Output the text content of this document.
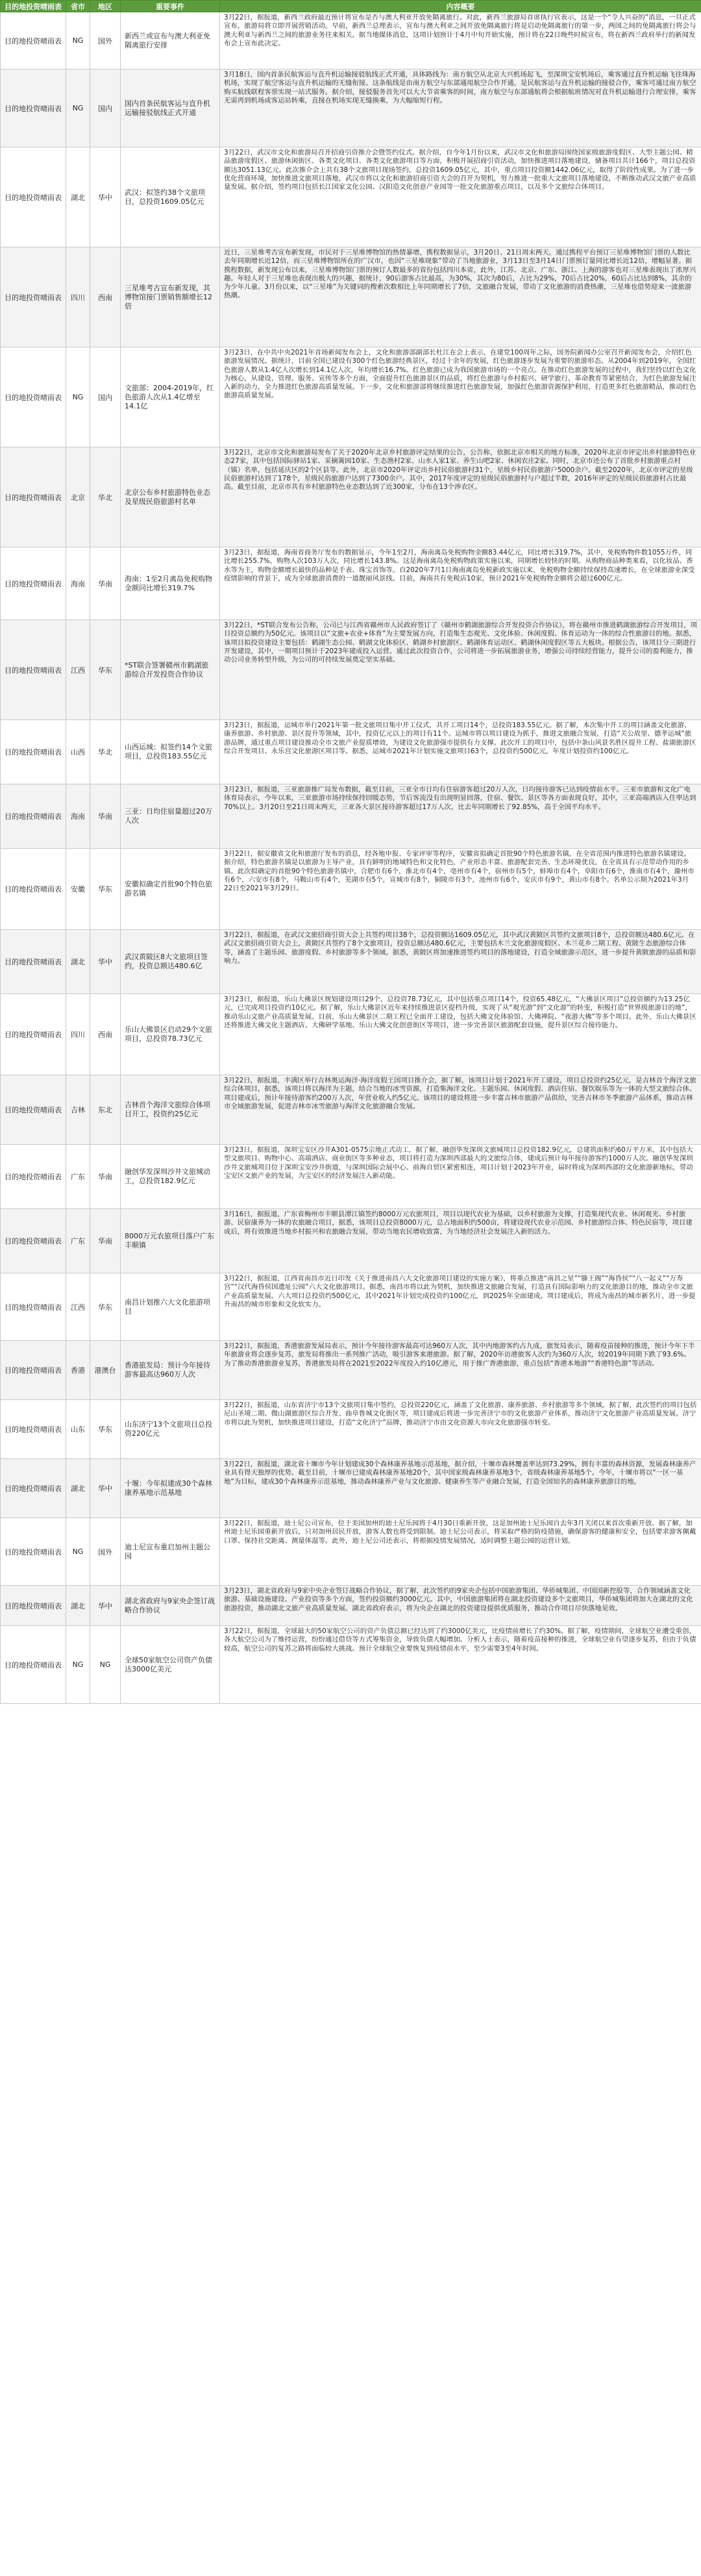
目的地投资晴雨表	省市	地区	重要事件	内容概要
目的地投资晴雨表	NG	国外	新西兰或宣布与澳大利亚免隔离旅行安排	3月22日，据报道，新西兰政府最近预计将宣布是否与澳大利亚开放免隔离旅行。对此，新西兰旅游局首席执行官表示，这是一个“令人兴奋的”消息，一旦正式宣布，旅游局将立即开展营销活动。早前，新西兰总理表示，宣布与澳大利亚之间开放免隔离旅行将是启动免隔离旅行的第一步，两国之间的免隔离旅行将会与澳大利亚与新西兰之间的旅游业务往来相关。据当地媒体消息，这项计划预计于4月中旬开始实施，预计将在22日晚些时候宣布，将在新西兰政府举行的新闻发布会上宣布此决定。
目的地投资晴雨表	NG	国内	国内首条民航客运与直升机运输接驳航线正式开通	3月18日，国内首条民航客运与直升机运输接驳航线正式开通，具体路线为：南方航空从北京大兴机场起飞，至深圳宝安机场后，乘客通过直升机运输飞往珠海机场，实现了航空客运与直升机运输的无缝衔接。这条航线是由南方航空与东部通用航空合作开通，是民航客运与直升机运输的接驳合作，乘客可通过南方航空购买航线联程客票实现一站式服务。据介绍，接驳服务首先可以大大节省乘客的时间，南方航空与东部通航将会根据航班情况对直升机运输进行合理安排，乘客无需再到机场或客运站转乘，直接在机场实现无缝换乘，为大幅缩短行程。
目的地投资晴雨表	湖北	华中	武汉：拟签约38个文旅项目，总投资1609.05亿元	3月22日，武汉市文化和旅游局召开招商引资推介会暨签约仪式。据介绍，自今年1月份以来，武汉市文化和旅游局围绕国家级旅游度假区、大型主题公园、精品旅游度假区、旅游休闲街区、各类文化项目、各类文化旅游项目等方面，积极开展招商引资活动，加快推进项目落地建设，储备项目共计166个，项目总投资额达3051.13亿元。此次推介会上共有38个文旅项目现场签约，总投资1609.05亿元，其中，重点项目投资额1442.06亿元，取得了阶段性成果。为了进一步优化营商环境，加快推进文旅项目落地，武汉市将以文化和旅游招商引资大会的召开为契机，努力推进一批重大文旅项目落地建设，不断推动武汉文旅产业高质量发展。据介绍，签约项目包括长江国家文化公园、汉阳造文化创意产业园等一批文化旅游重点项目，以及多个文旅综合体项目。
目的地投资晴雨表	四川	西南	三星堆考古宣布新发现，其博物馆接门票销售额增长12倍	近日，三星堆考古宣布新发现，市民对于三星堆博物馆的热情暴增，携程数据显示，3月20日、21日周末两天，通过携程平台预订三星堆博物馆门票的人数比去年同期增长近12倍，而三星堆博物馆所在的广汉市，也因“三星堆现象”带动了当地旅游业，3月13日至3月14日门票预订量同比增长近12倍，增幅显著。据携程数据，新发现公布以来，三星堆博物馆门票的预订人数最多的省份包括四川本省，此外，江苏、北京、广东、浙江、上海的游客也对三星堆表现出了浓厚兴趣。年轻人对于三星堆也表现出极大的兴趣，据统计，90后游客占比最高，为30%，其次为80后，占比为29%，70后占比20%，60后占比达到8%，其余的为少年儿童。3月份以来，以“三星堆”为关键词的搜索次数相比上年同期增长了7倍，文旅融合发展，带动了文化旅游的消费热潮，三星堆也借势迎来一波旅游热潮。
目的地投资晴雨表	NG	国内	文旅部：2004-2019年，红色旅游人次从1.4亿增至14.1亿	3月23日，在中共中央2021年首场新闻发布会上，文化和旅游部副部长杜江在会上表示，在建党100周年之际，国务院新闻办公室召开新闻发布会，介绍红色旅游发展情况。据统计，目前全国已建设有300个红色旅游经典景区，经过十余年的发展，红色旅游逐步发展为重要的旅游形态。从2004年到2019年，全国红色旅游人数从1.4亿人次增长到14.1亿人次，年均增长16.7%。红色旅游已成为我国旅游市场的一个亮点。在推动红色旅游发展的过程中，我们坚持以红色文化为核心，从建设、管理、服务、宣传等多个方面，全面提升红色旅游景区的品质，将红色旅游与乡村振兴、研学旅行、革命教育等紧密结合，为红色旅游发展注入新的动力，全力推进红色旅游高质量发展。下一步，文化和旅游部将继续推进红色旅游发展，加强红色旅游资源保护利用，打造更多红色旅游精品，推动红色旅游高质量发展。
目的地投资晴雨表	北京	华北	北京公布乡村旅游特色业态及星级民俗旅游村名单	3月22日，北京市文化和旅游局发布了关于2020年北京乡村旅游评定结果的公告，公告称，依据北京市相关的地方标准，2020年北京市评定出乡村旅游特色业态27家，其中包括国际驿站1家、采摘篱园10家、生态渔村2家、山水人家1家、养生山吧2家、休闲农庄2家。同时，北京市还公布了首批乡村旅游重点村（镇）名单，包括延庆区的2个区县等。此外，北京市2020年评定出乡村民俗旅游村31个，星级乡村民俗旅游户5000余户。截至2020年，北京市评定的星级民俗旅游村达到了178个，星级民俗旅游户达到了7300余户。其中，2017年度评定的星级民俗旅游村与户超过半数，2016年评定的星级民俗旅游村占比最高。截至目前，北京市共有乡村旅游特色业态数达到了近300家，分布在13个涉农区。
目的地投资晴雨表	海南	华南	海南：1至2月离岛免税购物金额同比增长319.7%	3月23日，据报道，海南省商务厅发布的数据显示，今年1至2月，海南离岛免税购物金额83.44亿元，同比增长319.7%，其中，免税购物件数1055万件，同比增长255.7%，购物人次103万人次，同比增长143.8%。这是海南离岛免税购物政策实施以来，同期增长较快的时期。从购物商品种类来看，以化妆品、香水等为主，购物金额增长最快的品种是手表、珠宝首饰等。自2020年7月1日海南离岛免税新政实施以来，免税购物金额持续保持高速增长，在全球旅游业深受疫情影响的背景下，成为全球旅游消费的一道靓丽风景线。目前，海南共有免税店10家，预计2021年免税购物金额将会超过600亿元。
目的地投资晴雨表	江西	华东	*ST联合签署赣州市鹤湖旅游综合开发投资合作协议	3月22日，*ST联合发布公告称，公司已与江西省赣州市人民政府签订了《赣州市鹤湖旅游综合开发投资合作协议》，将在赣州市推进鹤湖旅游综合开发项目，项目投资总额约为50亿元。该项目以“文旅+农业+体育”为主要发展方向，打造集生态观光、文化体验、休闲度假、体育运动为一体的综合性旅游目的地。据悉，该项目拟投资建设主要包括：鹤湖生态公园、鹤湖文化体验区、鹤湖乡村旅游区、鹤湖体育运动区、鹤湖休闲度假区等五大板块。根据公告，该项目分三期进行开发建设，其中，一期项目预计于2023年建成投入运营。通过此次投资合作，公司将进一步拓展旅游业务，增强公司持续经营能力，提升公司的盈利能力，推动公司业务转型升级，为公司的可持续发展奠定坚实基础。
目的地投资晴雨表	山西	华北	山西运城：拟签约14个文旅项目，总投资183.55亿元	3月23日，据报道，运城市举行2021年第一批文旅项目集中开工仪式，共开工项目14个，总投资183.55亿元。据了解，本次集中开工的项目涵盖文化旅游、康养旅游、乡村旅游、景区提升等领域，其中，投资亿元以上的项目有11个。运城市将以项目建设为抓手，推进文旅融合发展，打造“关公故里、德孝运城”旅游品牌，通过重点项目建设推动全市文旅产业提质增效，为建设文化旅游强市提供有力支撑。此次开工的项目中，包括中条山风景名胜区提升工程、盐湖旅游区综合开发项目、永乐宫文化旅游区项目等。据悉，运城市2021年计划实施文旅项目63个，总投资约500亿元，年度计划投资约100亿元。
目的地投资晴雨表	海南	华南	三亚：日均住宿量超过20万人次	3月23日，据报道，三亚旅游推广局发布数据，截至目前，三亚全市日均有住宿游客超过20万人次，日均接待游客已达到疫情前水平。三亚市旅游和文化广电体育局表示，今年以来，三亚旅游市场持续保持回暖态势，节后客流没有出现明显回落，住宿、餐饮、景区等各方面表现良好，其中，三亚高端酒店入住率达到70%以上。3月20日至21日周末两天，三亚各大景区接待游客超过17万人次，比去年同期增长了92.85%，高于全国平均水平。
目的地投资晴雨表	安徽	华东	安徽拟确定首批90个特色旅游名镇	3月22日，据安徽省文化和旅游厅发布的消息，经各地申报、专家评审等程序，安徽省拟确定首批90个特色旅游名镇，在全省范围内推进特色旅游名镇建设。据介绍，特色旅游名镇是以旅游为主导产业，具有鲜明的地域特色和文化特色，产业形态丰富、旅游配套完善、生态环境优良，在全省具有示范带动作用的乡镇。此次拟确定的首批90个特色旅游名镇中，合肥市有6个，淮北市有4个，亳州市有4个，宿州市有5个，蚌埠市有4个，阜阳市有6个，淮南市有4个，滁州市有6个，六安市有8个，马鞍山市有4个，芜湖市有5个，宣城市有8个，铜陵市有3个，池州市有6个，安庆市有9个，黄山市有8个。名单公示期为2021年3月22日至2021年3月29日。
目的地投资晴雨表	湖北	华中	武汉黄陂区8大文旅项目签约，投资总额达480.6亿	3月22日，据报道，在武汉文旅招商引资大会上共签约项目38个，总投资额达1609.05亿元，其中武汉黄陂区共签约文旅项目8个，总投资额达480.6亿元。在武汉文旅招商引资大会上，黄陂区共签约了8个文旅项目，投资总额达480.6亿元，主要包括木兰文化旅游度假区、木兰花乡二期工程、黄陂生态旅游综合体等，涵盖了主题乐园、旅游度假、乡村旅游等多个领域。据悉，黄陂区将加速推进签约项目的落地建设，打造全域旅游示范区，进一步提升黄陂旅游的品质和影响力。
目的地投资晴雨表	四川	西南	乐山大佛景区启动29个文旅项目，总投资78.73亿元	3月23日，据报道，乐山大佛景区规划建设项目29个，总投资78.73亿元，其中包括重点项目14个，投资65.48亿元，“大佛景区项目”总投资额约为13.25亿元，已完成项目投资约10亿元。据了解，乐山大佛景区近年来持续推进景区提档升级，实现了从“观光游”到“文化游”的转变，积极打造“世界级旅游目的地”，推动乐山文旅产业高质量发展。目前，乐山大佛景区二期工程已全面开工建设，包括大佛文化体验馆、大佛禅院、“夜游大佛”等多个项目。此外，乐山大佛景区还将推进大佛文化主题酒店、大佛研学基地、乐山大佛文化创意街区等项目，进一步完善景区旅游配套设施，提升景区综合接待能力。
目的地投资晴雨表	吉林	东北	吉林首个海洋文旅综合体项目开工，投资约25亿元	3月22日，据报道，丰满区举行吉林奥运海洋·海洋度假王国项目推介会，据了解，该项目计划于2021年开工建设，项目总投资约25亿元，是吉林首个海洋文旅综合体项目，据悉，该项目将以海洋为主题，结合当地的冰雪资源，打造集海洋文化、主题乐园、休闲度假、酒店住宿、餐饮娱乐等为一体的大型文旅综合体。项目建成后，预计年接待游客约200万人次，年营业收入约5亿元。该项目的建设将进一步丰富吉林市旅游产品供给，完善吉林市冬季旅游产品体系，推动吉林市全域旅游发展，促进吉林市冰雪旅游与海洋文化旅游融合发展。
目的地投资晴雨表	广东	华南	融创华发深圳沙井文旅城动工，总投资182.9亿元	3月23日，据报道，深圳宝安区沙井A301-0575宗地正式动工，据了解，融创华发深圳文旅城项目总投资182.9亿元，总建筑面积约60万平方米，其中包括大型文旅项目、购物中心、高端酒店、商业街区等多种业态，项目将打造为深圳西部最大的文旅综合体，建成后预计每年接待游客约1000万人次。融创华发深圳沙井文旅城项目位于深圳宝安沙井街道，与深圳国际会展中心、前海自贸区紧密相连，项目计划于2023年开业，届时将成为深圳西部的文化旅游新地标，带动宝安区文旅产业的发展，为宝安区的经济发展注入新动能。
目的地投资晴雨表	广东	华南	8000万元农旅项目落户广东丰顺镇	3月16日，据报道，广东省梅州市丰顺县潭江镇签约8000万元农旅项目，项目以现代农业为基础，以乡村旅游为支撑，打造集现代农业、休闲观光、乡村旅游、民宿康养为一体的农旅融合项目，据悉，该项目总投资8000万元，总占地面积约500亩，将建设现代农业示范园、乡村旅游综合体、特色民宿等，项目建成后，将有效推进当地乡村振兴和农旅融合发展，带动当地农民增收致富，为当地经济社会发展注入新的活力。
目的地投资晴雨表	江西	华东	南昌计划推六大文化旅游项目	3月22日，据报道，江西省南昌市近日印发《关于推进南昌六大文化旅游项目建设的实施方案》，将重点推进“南昌之星”“滕王阁”“海昏侯”“八一起义”“万寿宫”“汉代海昏侯国遗址公园”六大文化旅游项目。据悉，南昌市将以此为契机，加快推进文旅融合发展，打造具有国际影响力的文化旅游目的地，推动全市文旅产业高质量发展。六大项目总投资约500亿元，其中2021年计划完成投资约100亿元，到2025年全面建成。项目建成后，将成为南昌的城市新名片，进一步提升南昌的城市形象和文化软实力。
目的地投资晴雨表	香港	港澳台	香港旅发局：预计今年接待游客最高达960万人次	3月22日，据报道，香港旅游发展局表示，预计今年接待游客最高可达960万人次，其中内地游客约占九成，旅发局表示，随着疫苗接种的推进，预计今年下半年旅游业将会逐步复苏，旅发局将推出一系列推广活动，吸引游客来港旅游。据了解，2020年访港旅客人次约为360万人次，较2019年同期下跌了93.6%。为了推动香港旅游业复苏，香港旅发局将在2021至2022年度投入约10亿港元，用于推广香港旅游，重点包括“香港本地游”“香港特色游”等活动。
目的地投资晴雨表	山东	华东	山东济宁13个文旅项目总投资220亿元	3月22日，据报道，山东省济宁市13个文旅项目集中签约，总投资220亿元，涵盖了文化旅游、康养旅游、乡村旅游等多个领域。据了解，此次签约的项目包括尼山圣境二期、微山湖旅游区综合开发、曲阜鲁城文化街区等，项目建成后将进一步完善济宁市的文化旅游产业体系，推动济宁文化旅游产业高质量发展。济宁市将以此为契机，加快推进项目建设，打造“文化济宁”品牌，推动济宁市由文化资源大市向文化旅游强市转变。
目的地投资晴雨表	湖北	华中	十堰：今年拟建成30个森林康养基地示范基地	3月22日，据报道，湖北省十堰市今年计划建成30个森林康养基地示范基地，据介绍，十堰市森林覆盖率达到73.29%，拥有丰富的森林资源，发展森林康养产业具有得天独厚的优势。截至目前，十堰市已建成森林康养基地20个，其中国家级森林康养基地3个，省级森林康养基地5个。今年，十堰市将以“一区一基地”为目标，建成30个森林康养示范基地，推动森林康养产业与文化旅游、健康养生等产业融合发展，打造全国知名的森林康养旅游目的地。
目的地投资晴雨表	NG	国外	迪士尼宣布重启加州主题公园	3月22日，据报道，迪士尼公司宣布，位于美国加州的迪士尼乐园将于4月30日重新开放，这是加州迪士尼乐园自去年3月关闭以来首次重新开放。据了解，加州迪士尼乐园重新开放后，只对加州居民开放，游客人数也将受到限制。迪士尼公司表示，将采取严格的防疫措施，确保游客的健康和安全，包括要求游客佩戴口罩、保持社交距离、测量体温等。此外，迪士尼公司还表示，将根据疫情发展情况，适时调整主题公园的运营计划。
目的地投资晴雨表	湖北	华中	湖北省政府与9家央企签订战略合作协议	3月23日，湖北省政府与9家中央企业签订战略合作协议，据了解，此次签约的9家央企包括中国旅游集团、华侨城集团、中国国新控股等，合作领域涵盖文化旅游、基础设施建设、产业投资等多个方面，签约投资额约3000亿元。其中，中国旅游集团将在湖北投资建设多个文旅项目，华侨城集团将加大在湖北的文化旅游投资，推动湖北文旅产业高质量发展。湖北省政府表示，将为央企在湖北的投资建设提供优质服务，推动合作项目尽快落地见效。
目的地投资晴雨表	NG	NG	全球50家航空公司资产负债达3000亿美元	3月22日，据报道，全球最大的50家航空公司的资产负债总额已经达到了约3000亿美元，比疫情前增长了约30%。据了解，疫情期间，全球航空业遭受重创，各大航空公司为了维持运营，纷纷通过借贷等方式筹集资金，导致负债大幅增加。分析人士表示，随着疫苗接种的推进，全球航空业有望逐步复苏，但由于负债较高，航空公司的复苏之路将面临较大挑战。预计全球航空业要恢复到疫情前水平，至少需要3至4年时间。
